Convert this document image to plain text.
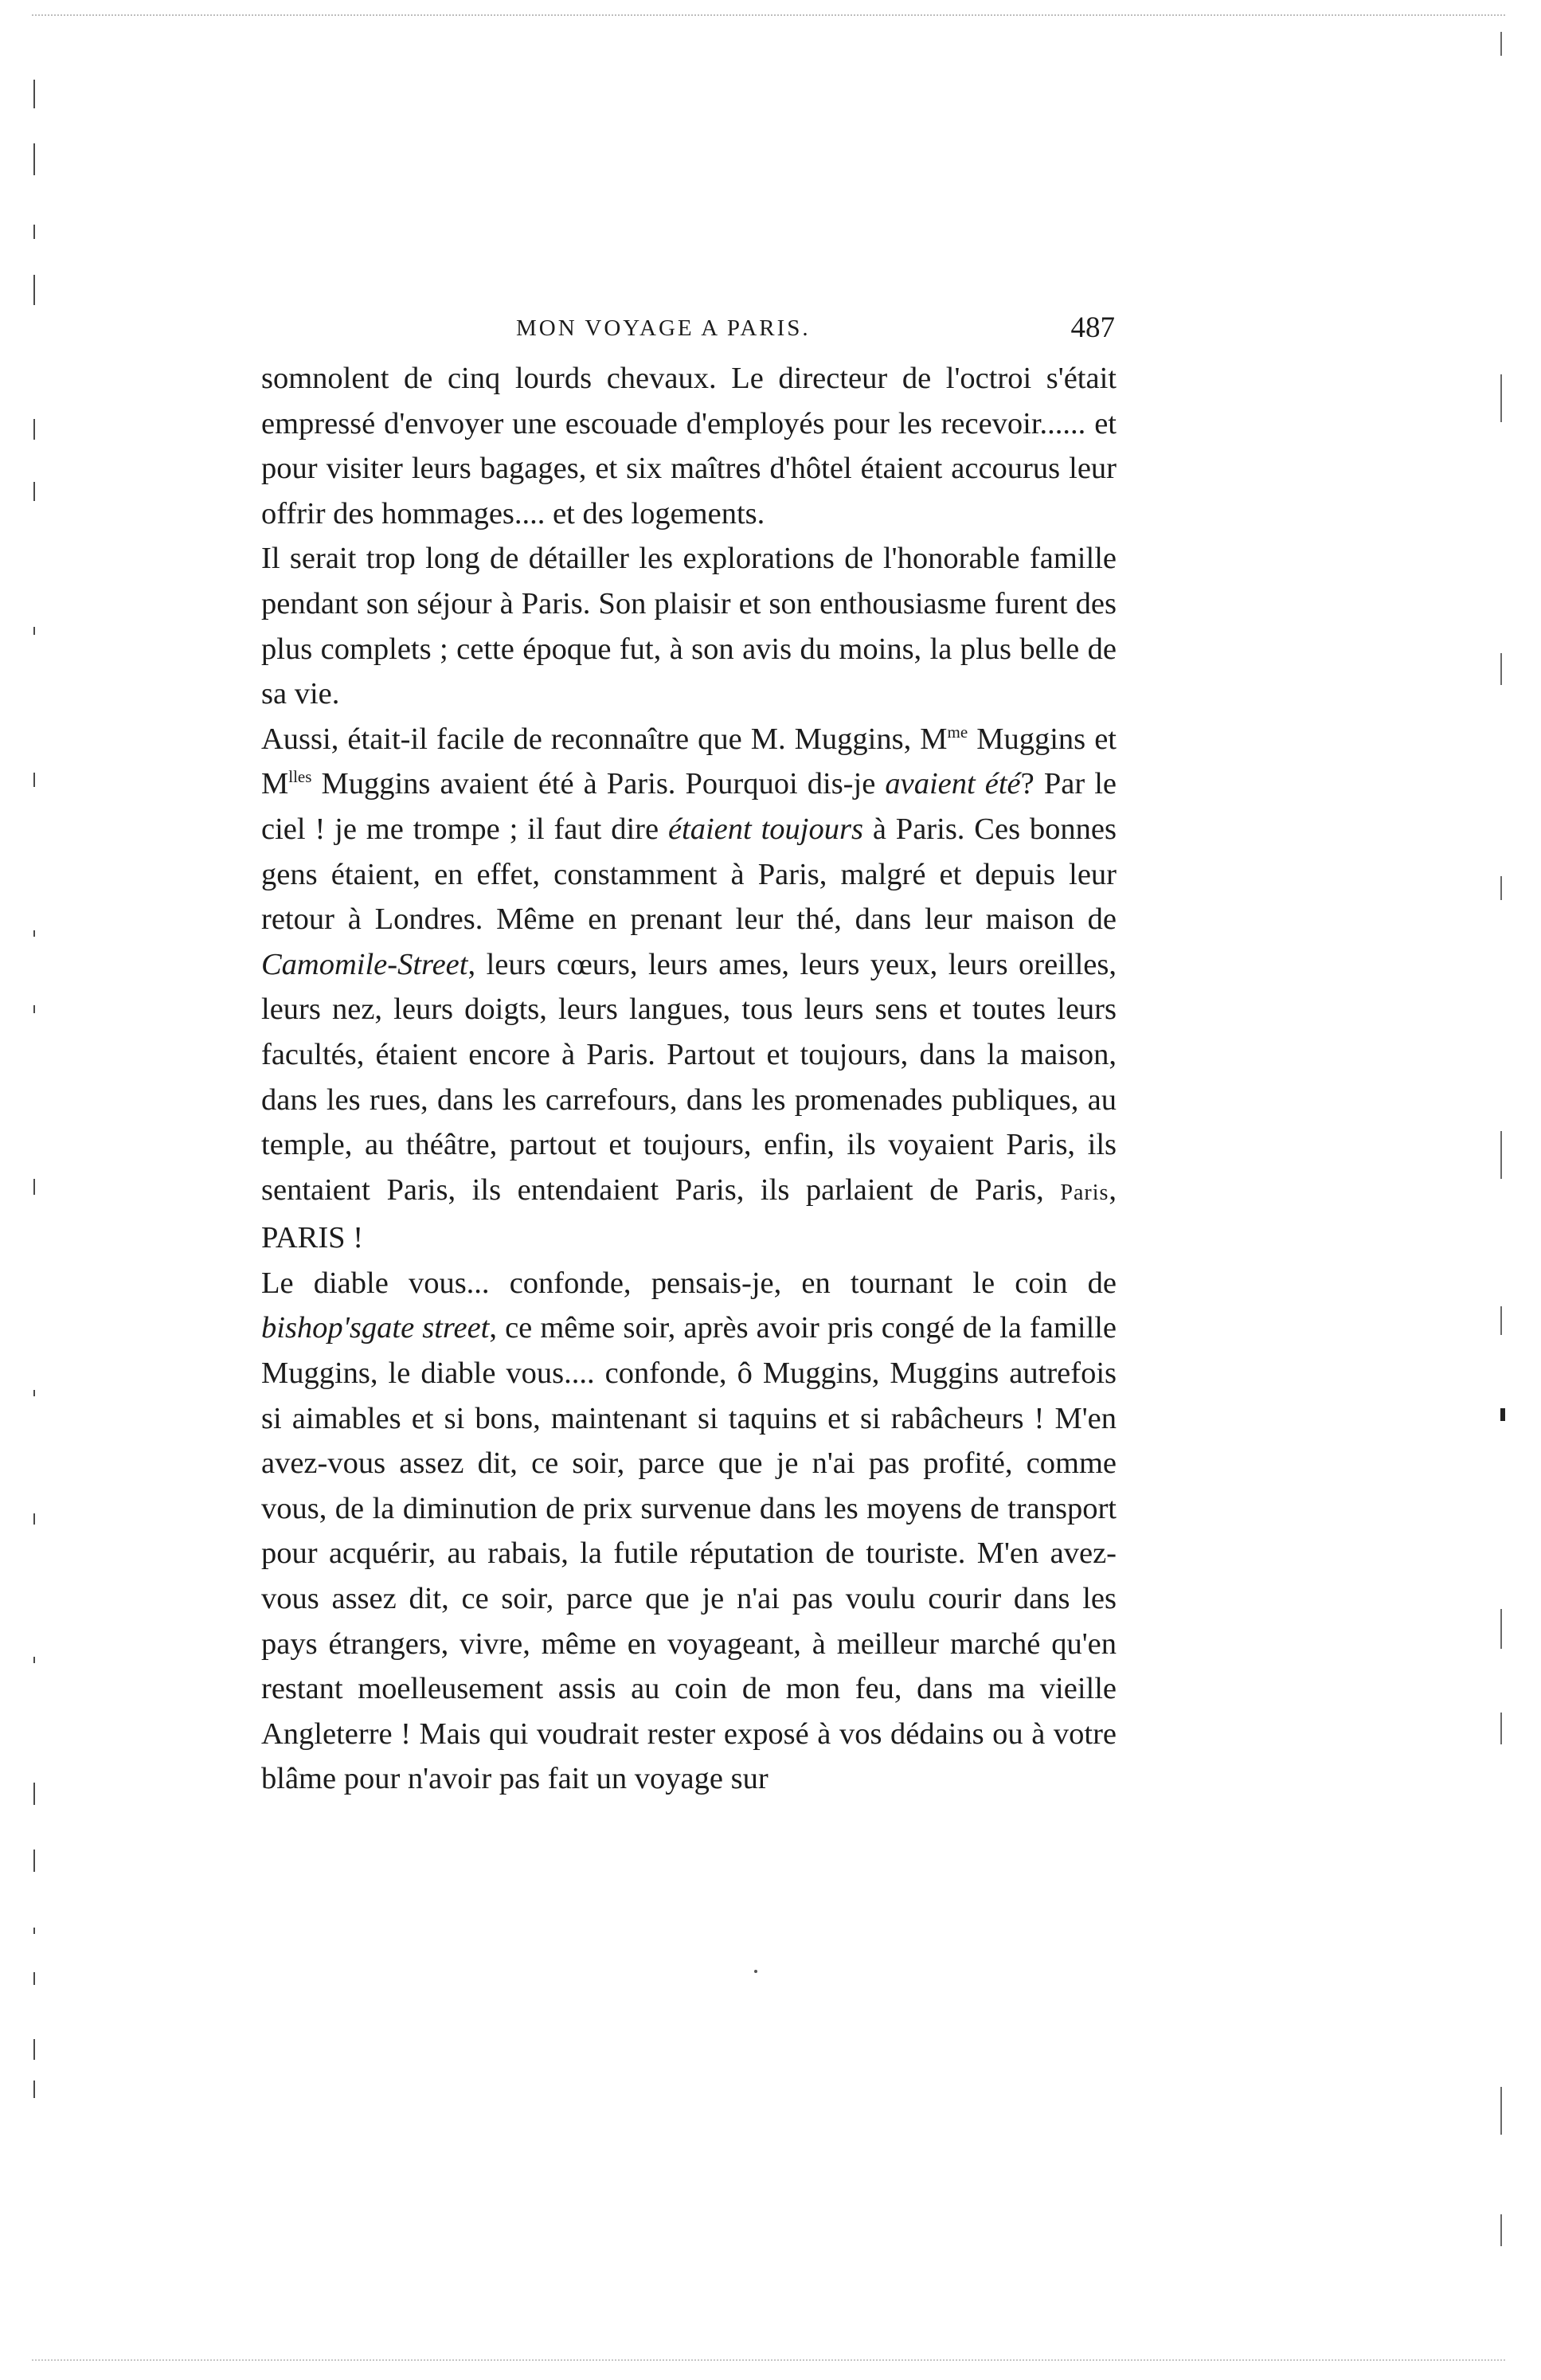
MON VOYAGE A PARIS.	487

somnolent de cinq lourds chevaux. Le directeur de l'octroi s'était empressé d'envoyer une escouade d'employés pour les recevoir...... et pour visiter leurs bagages, et six maîtres d'hôtel étaient accourus leur offrir des hommages.... et des logements.

Il serait trop long de détailler les explorations de l'honorable famille pendant son séjour à Paris. Son plaisir et son enthousiasme furent des plus complets ; cette époque fut, à son avis du moins, la plus belle de sa vie.

Aussi, était-il facile de reconnaître que M. Muggins, $M^{me}$ Muggins et $M^{lles}$ Muggins avaient été à Paris. Pourquoi dis-je avaient été? Par le ciel ! je me trompe ; il faut dire étaient toujours à Paris. Ces bonnes gens étaient, en effet, constamment à Paris, malgré et depuis leur retour à Londres. Même en prenant leur thé, dans leur maison de Camomile-Street, leurs cœurs, leurs ames, leurs yeux, leurs oreilles, leurs nez, leurs doigts, leurs langues, tous leurs sens et toutes leurs facultés, étaient encore à Paris. Partout et toujours, dans la maison, dans les rues, dans les carrefours, dans les promenades publiques, au temple, au théâtre, partout et toujours, enfin, ils voyaient Paris, ils sentaient Paris, ils entendaient Paris, ils parlaient de Paris, Paris, PARIS !

Le diable vous... confonde, pensais-je, en tournant le coin de bishop'sgate street, ce même soir, après avoir pris congé de la famille Muggins, le diable vous.... confonde, ô Muggins, Muggins autrefois si aimables et si bons, maintenant si taquins et si rabâcheurs ! M'en avez-vous assez dit, ce soir, parce que je n'ai pas profité, comme vous, de la diminution de prix survenue dans les moyens de transport pour acquérir, au rabais, la futile réputation de touriste. M'en avez-vous assez dit, ce soir, parce que je n'ai pas voulu courir dans les pays étrangers, vivre, même en voyageant, à meilleur marché qu'en restant moelleusement assis au coin de mon feu, dans ma vieille Angleterre ! Mais qui voudrait rester exposé à vos dédains ou à votre blâme pour n'avoir pas fait un voyage sur
